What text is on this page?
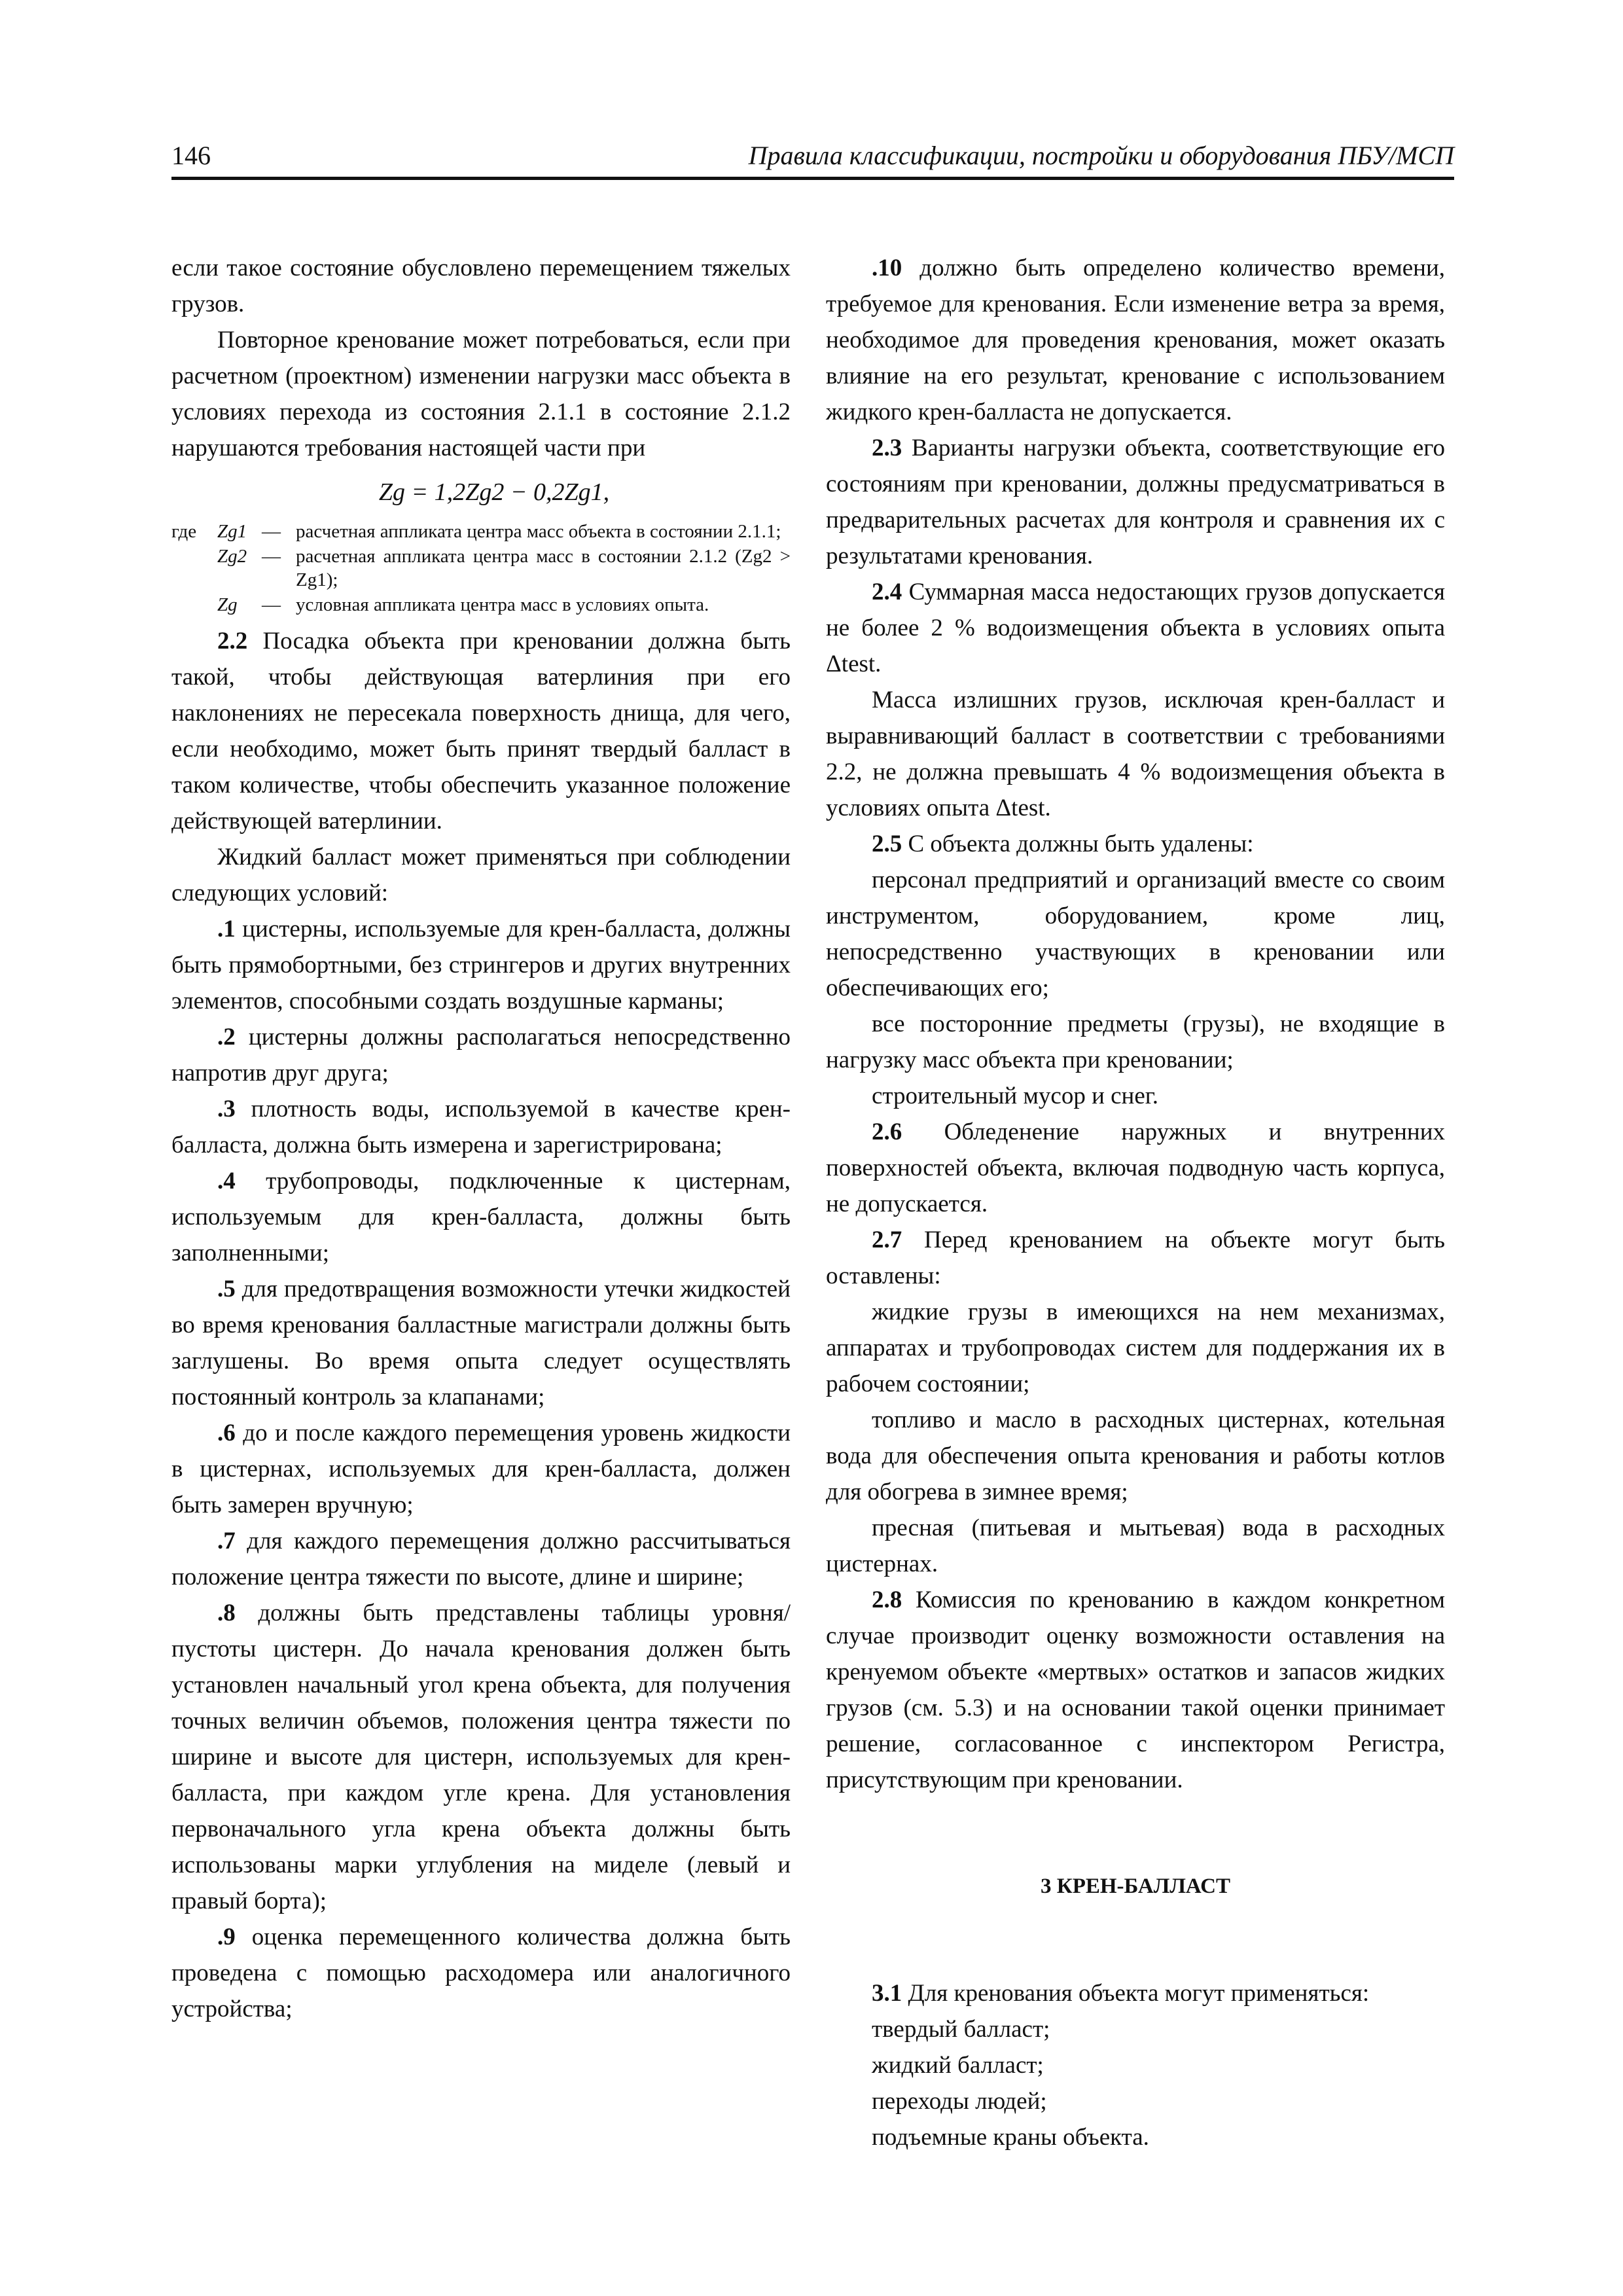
146	Правила классификации, постройки и оборудования ПБУ/МСП

если такое состояние обусловлено перемещением тяжелых грузов.

Повторное кренование может потребоваться, если при расчетном (проектном) изменении нагрузки масс объекта в условиях перехода из состояния 2.1.1 в состояние 2.1.2 нарушаются требования настоящей части при

Zg = 1,2Zg2 − 0,2Zg1,
где	Zg1 — расчетная аппликата центра масс объекта в состоянии 2.1.1;
Zg2 — расчетная аппликата центра масс в состоянии 2.1.2 (Zg2 > Zg1);
Zg	— условная аппликата центра масс в условиях опыта.

2.2 Посадка объекта при креновании должна быть такой, чтобы действующая ватерлиния при его наклонениях не пересекала поверхность днища, для чего, если необходимо, может быть принят твердый балласт в таком количестве, чтобы обеспечить указанное положение действующей ватерлинии.

Жидкий балласт может применяться при соблюдении следующих условий:

.1 цистерны, используемые для крен-балласта, должны быть прямобортными, без стрингеров и других внутренних элементов, способными создать воздушные карманы;

.2 цистерны должны располагаться непосредственно напротив друг друга;

.3 плотность воды, используемой в качестве крен-балласта, должна быть измерена и зарегистрирована;

.4 трубопроводы, подключенные к цистернам, используемым для крен-балласта, должны быть заполненными;

.5 для предотвращения возможности утечки жидкостей во время кренования балластные магистрали должны быть заглушены. Во время опыта следует осуществлять постоянный контроль за клапанами;

.6 до и после каждого перемещения уровень жидкости в цистернах, используемых для крен-балласта, должен быть замерен вручную;

.7 для каждого перемещения должно рассчитываться положение центра тяжести по высоте, длине и ширине;

.8 должны быть представлены таблицы уровня/пустоты цистерн. До начала кренования должен быть установлен начальный угол крена объекта, для получения точных величин объемов, положения центра тяжести по ширине и высоте для цистерн, используемых для крен-балласта, при каждом угле крена. Для установления первоначального угла крена объекта должны быть использованы марки углубления на миделе (левый и правый борта);

.9 оценка перемещенного количества должна быть проведена с помощью расходомера или аналогичного устройства;

.10 должно быть определено количество времени, требуемое для кренования. Если изменение ветра за время, необходимое для проведения кренования, может оказать влияние на его результат, кренование с использованием жидкого крен-балласта не допускается.

2.3 Варианты нагрузки объекта, соответствующие его состояниям при креновании, должны предусматриваться в предварительных расчетах для контроля и сравнения их с результатами кренования.

2.4 Суммарная масса недостающих грузов допускается не более 2 % водоизмещения объекта в условиях опыта Δtest.

Масса излишних грузов, исключая крен-балласт и выравнивающий балласт в соответствии с требованиями 2.2, не должна превышать 4 % водоизмещения объекта в условиях опыта Δtest.

2.5 С объекта должны быть удалены:

персонал предприятий и организаций вместе со своим инструментом, оборудованием, кроме лиц, непосредственно участвующих в креновании или обеспечивающих его;

все посторонние предметы (грузы), не входящие в нагрузку масс объекта при креновании;

строительный мусор и снег.

2.6 Обледенение наружных и внутренних поверхностей объекта, включая подводную часть корпуса, не допускается.

2.7 Перед кренованием на объекте могут быть оставлены:

жидкие грузы в имеющихся на нем механизмах, аппаратах и трубопроводах систем для поддержания их в рабочем состоянии;

топливо и масло в расходных цистернах, котельная вода для обеспечения опыта кренования и работы котлов для обогрева в зимнее время;

пресная (питьевая и мытьевая) вода в расходных цистернах.

2.8 Комиссия по кренованию в каждом конкретном случае производит оценку возможности оставления на кренуемом объекте «мертвых» остатков и запасов жидких грузов (см. 5.3) и на основании такой оценки принимает решение, согласованное с инспектором Регистра, присутствующим при креновании.

3 КРЕН-БАЛЛАСТ

3.1 Для кренования объекта могут применяться:

твердый балласт;

жидкий балласт;

переходы людей;

подъемные краны объекта.
